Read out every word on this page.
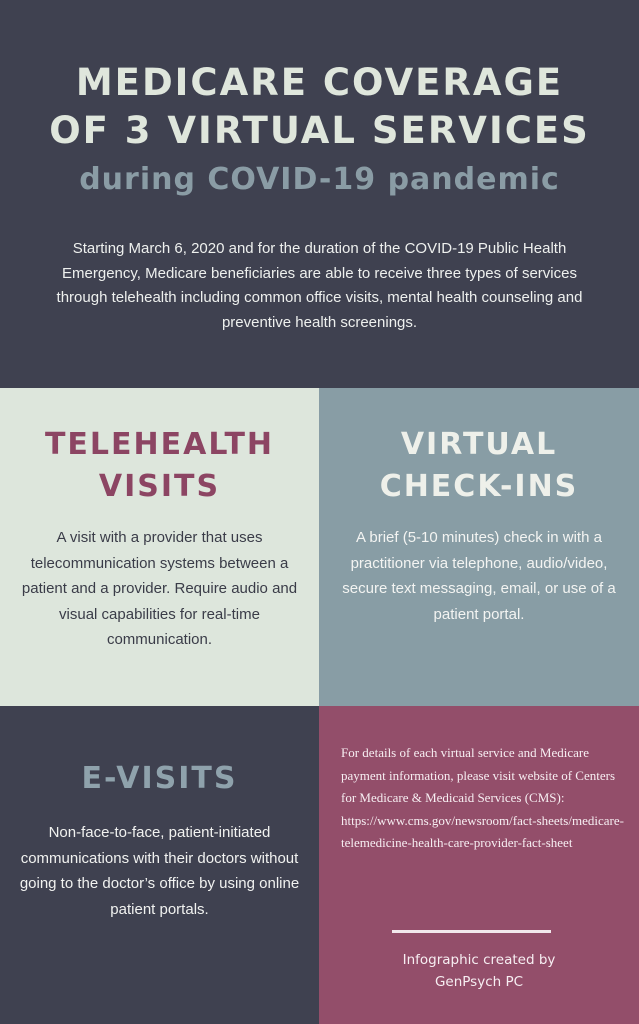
MEDICARE COVERAGE
OF 3 VIRTUAL SERVICES
during COVID-19 pandemic
Starting March 6, 2020 and for the duration of the COVID-19 Public Health Emergency, Medicare beneficiaries are able to receive three types of services through telehealth including common office visits, mental health counseling and preventive health screenings.
TELEHEALTH
VISITS
A visit with a provider that uses telecommunication systems between a patient and a provider. Require audio and visual capabilities for real-time communication.
VIRTUAL
CHECK-INS
A brief (5-10 minutes) check in with a practitioner via telephone, audio/video, secure text messaging, email, or use of a patient portal.
E-VISITS
Non-face-to-face, patient-initiated communications with their doctors without going to the doctor’s office by using online patient portals.
For details of each virtual service and Medicare payment information, please visit website of Centers for Medicare & Medicaid Services (CMS):
https://www.cms.gov/newsroom/fact-sheets/medicare-telemedicine-health-care-provider-fact-sheet
Infographic created by
GenPsych PC
